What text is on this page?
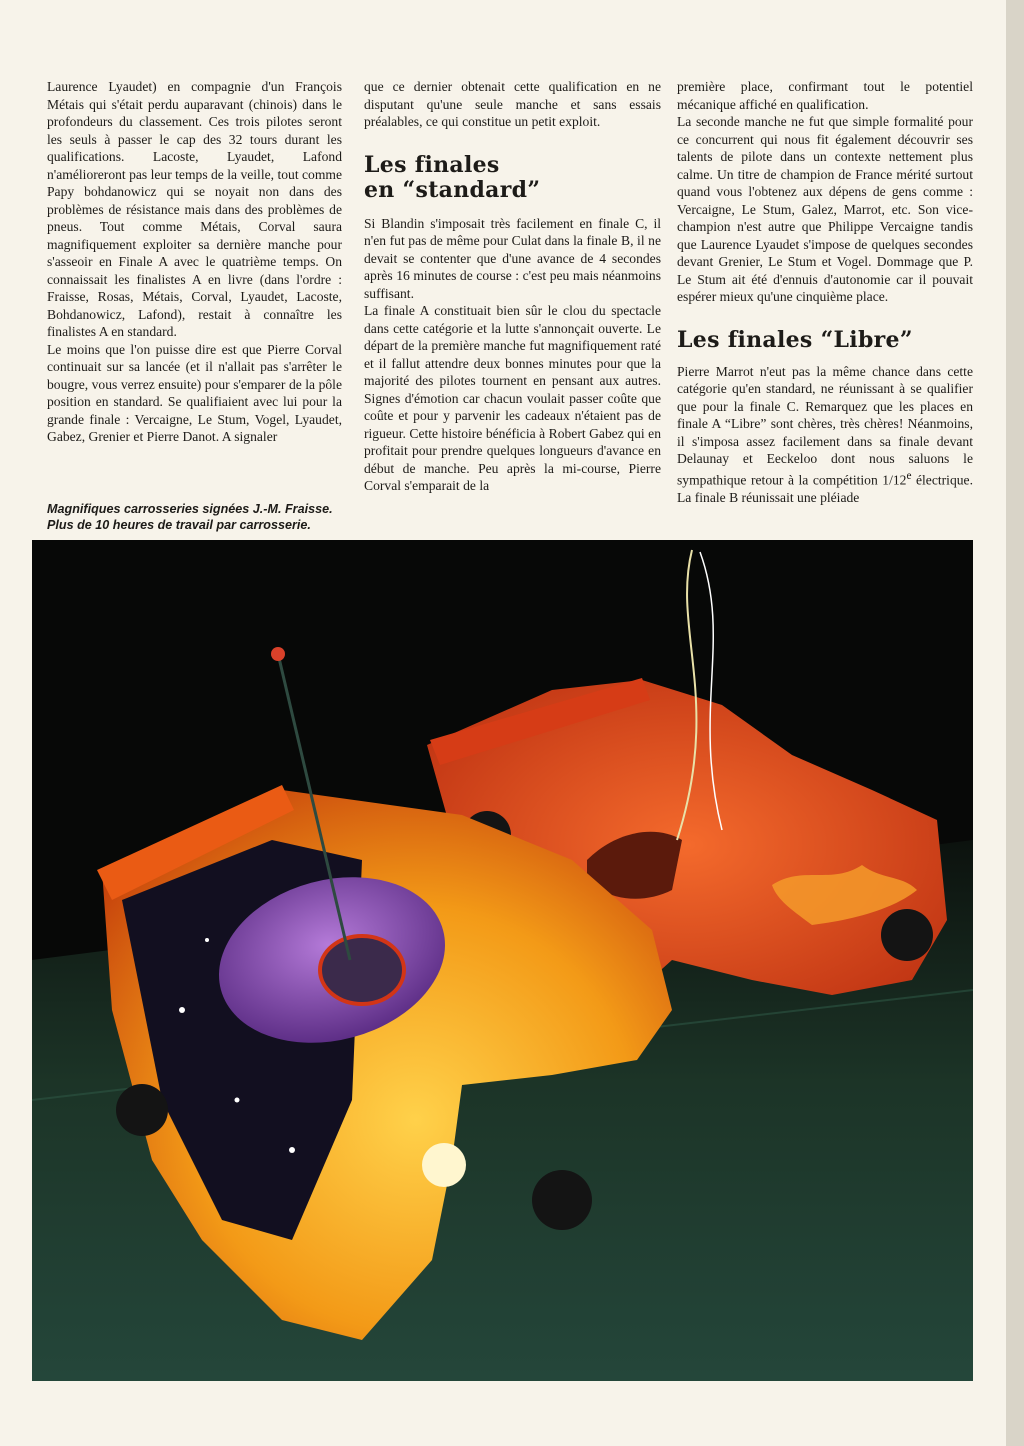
Laurence Lyaudet) en compagnie d'un François Métais qui s'était perdu auparavant (chinois) dans le profondeurs du classement. Ces trois pilotes seront les seuls à passer le cap des 32 tours durant les qualifications. Lacoste, Lyaudet, Lafond n'amélioreront pas leur temps de la veille, tout comme Papy bohdanowicz qui se noyait non dans des problèmes de résistance mais dans des problèmes de pneus. Tout comme Métais, Corval saura magnifiquement exploiter sa dernière manche pour s'asseoir en Finale A avec le quatrième temps. On connaissait les finalistes A en livre (dans l'ordre : Fraisse, Rosas, Métais, Corval, Lyaudet, Lacoste, Bohdanowicz, Lafond), restait à connaître les finalistes A en standard.

Le moins que l'on puisse dire est que Pierre Corval continuait sur sa lancée (et il n'allait pas s'arrêter le bougre, vous verrez ensuite) pour s'emparer de la pôle position en standard. Se qualifiaient avec lui pour la grande finale : Vercaigne, Le Stum, Vogel, Lyaudet, Gabez, Grenier et Pierre Danot. A signaler

Magnifiques carrosseries signées J.-M. Fraisse.
Plus de 10 heures de travail par carrosserie.

que ce dernier obtenait cette qualification en ne disputant qu'une seule manche et sans essais préalables, ce qui constitue un petit exploit.

Les finales
en “standard”

Si Blandin s'imposait très facilement en finale C, il n'en fut pas de même pour Culat dans la finale B, il ne devait se contenter que d'une avance de 4 secondes après 16 minutes de course : c'est peu mais néanmoins suffisant.

La finale A constituait bien sûr le clou du spectacle dans cette catégorie et la lutte s'annonçait ouverte. Le départ de la première manche fut magnifiquement raté et il fallut attendre deux bonnes minutes pour que la majorité des pilotes tournent en pensant aux autres. Signes d'émotion car chacun voulait passer coûte que coûte et pour y parvenir les cadeaux n'étaient pas de rigueur. Cette histoire bénéficia à Robert Gabez qui en profitait pour prendre quelques longueurs d'avance en début de manche. Peu après la mi-course, Pierre Corval s'emparait de la

première place, confirmant tout le potentiel mécanique affiché en qualification.

La seconde manche ne fut que simple formalité pour ce concurrent qui nous fit également découvrir ses talents de pilote dans un contexte nettement plus calme. Un titre de champion de France mérité surtout quand vous l'obtenez aux dépens de gens comme : Vercaigne, Le Stum, Galez, Marrot, etc. Son vice-champion n'est autre que Philippe Vercaigne tandis que Laurence Lyaudet s'impose de quelques secondes devant Grenier, Le Stum et Vogel. Dommage que P. Le Stum ait été d'ennuis d'autonomie car il pouvait espérer mieux qu'une cinquième place.

Les finales “Libre”

Pierre Marrot n'eut pas la même chance dans cette catégorie qu'en standard, ne réunissant à se qualifier que pour la finale C. Remarquez que les places en finale A “Libre” sont chères, très chères! Néanmoins, il s'imposa assez facilement dans sa finale devant Delaunay et Eeckeloo dont nous saluons le sympathique retour à la compétition 1/12e électrique. La finale B réunissait une pléiade
